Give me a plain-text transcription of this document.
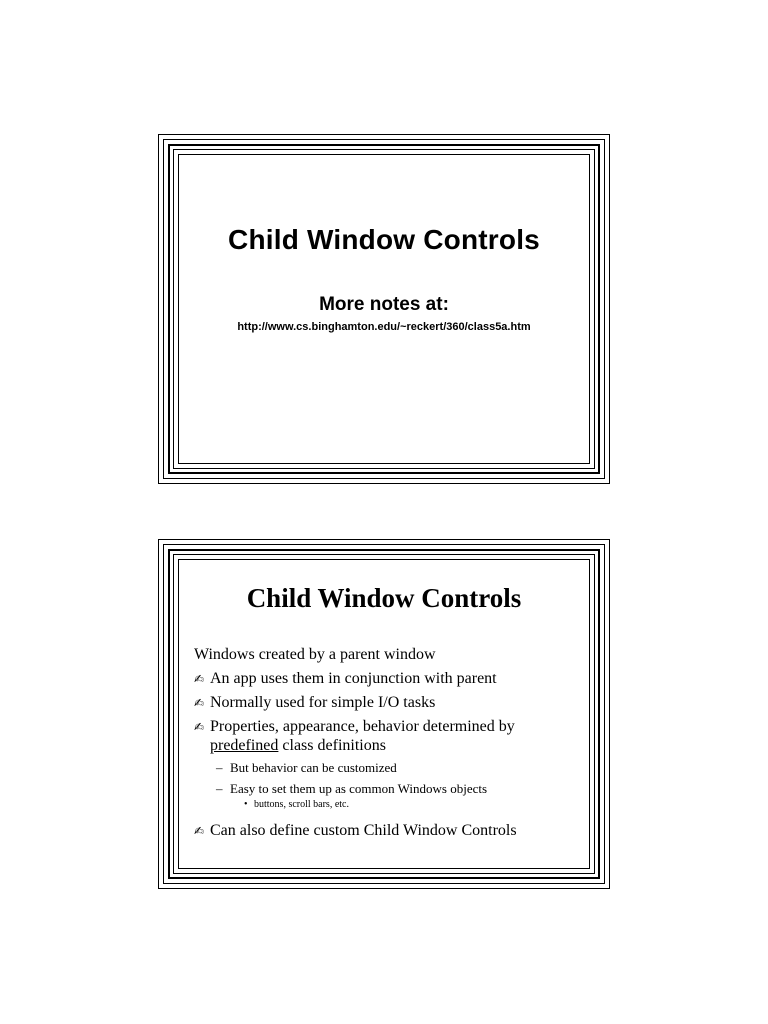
Child Window Controls
More notes at:
http://www.cs.binghamton.edu/~reckert/360/class5a.htm
Child Window Controls
Windows created by a parent window
✍ An app uses them in conjunction with parent
✍ Normally used for simple I/O tasks
✍ Properties, appearance, behavior determined by
predefined class definitions
– But behavior can be customized
– Easy to set them up as common Windows objects
• buttons, scroll bars, etc.
✍ Can also define custom Child Window Controls
